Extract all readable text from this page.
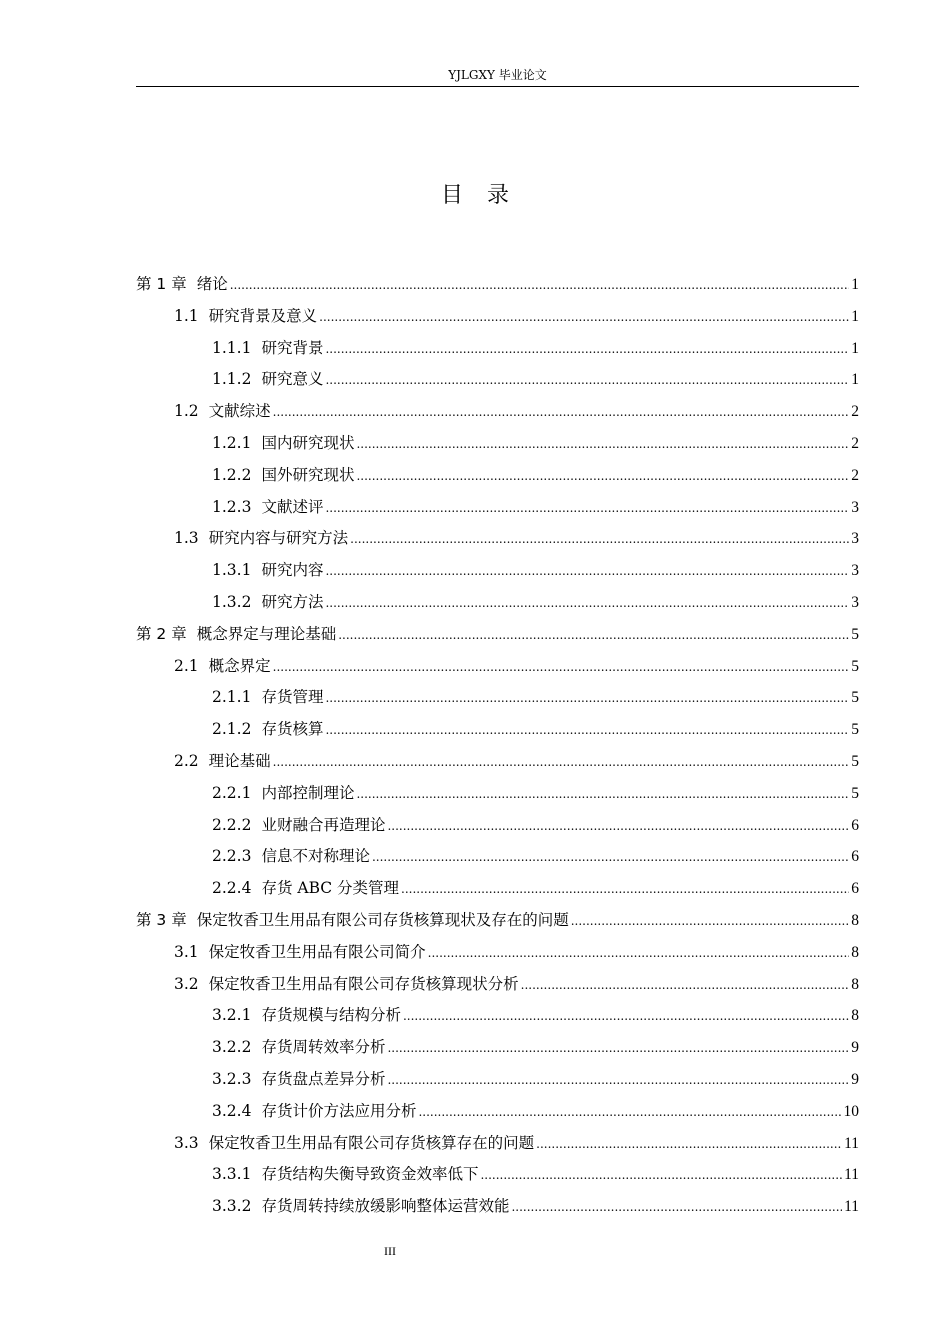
YJLGXY 毕业论文
目录
第 1 章 绪论 .....	1
1.1 研究背景及意义 .....	1
1.1.1 研究背景 .....	1
1.1.2 研究意义 .....	1
1.2 文献综述 .....	2
1.2.1 国内研究现状 .....	2
1.2.2 国外研究现状 .....	2
1.2.3 文献述评 .....	3
1.3 研究内容与研究方法 .....	3
1.3.1 研究内容 .....	3
1.3.2 研究方法 .....	3
第 2 章 概念界定与理论基础 .....	5
2.1 概念界定 .....	5
2.1.1 存货管理 .....	5
2.1.2 存货核算 .....	5
2.2 理论基础 .....	5
2.2.1 内部控制理论 .....	5
2.2.2 业财融合再造理论 .....	6
2.2.3 信息不对称理论 .....	6
2.2.4 存货 ABC 分类管理 .....	6
第 3 章 保定牧香卫生用品有限公司存货核算现状及存在的问题 .....	8
3.1 保定牧香卫生用品有限公司简介 .....	8
3.2 保定牧香卫生用品有限公司存货核算现状分析 .....	8
3.2.1 存货规模与结构分析 .....	8
3.2.2 存货周转效率分析 .....	9
3.2.3 存货盘点差异分析 .....	9
3.2.4 存货计价方法应用分析 .....	10
3.3 保定牧香卫生用品有限公司存货核算存在的问题 .....	11
3.3.1 存货结构失衡导致资金效率低下 .....	11
3.3.2 存货周转持续放缓影响整体运营效能 .....	11
III
